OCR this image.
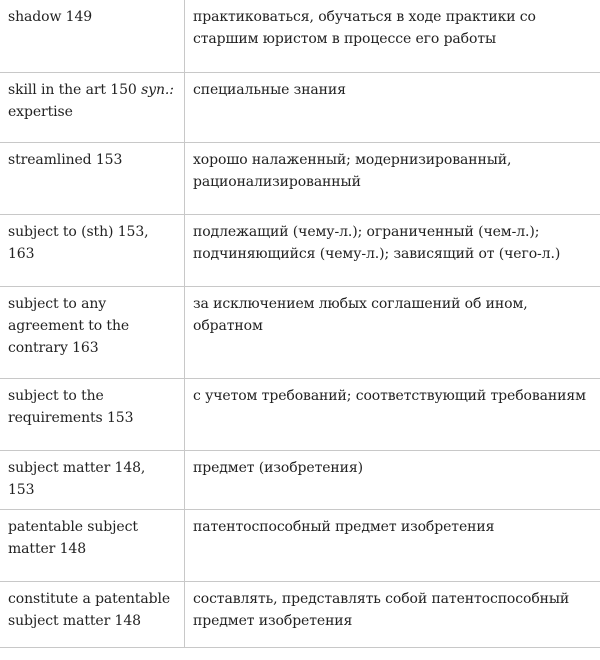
shadow 149	практиковаться, обучаться в ходе практики со старшим юристом в процессе его работы
skill in the art 150 syn.: expertise	специальные знания
streamlined 153	хорошо налаженный; модернизированный, рационализированный
subject to (sth) 153, 163	подлежащий (чему-л.); ограниченный (чем-л.); подчиняющийся (чему-л.); зависящий от (чего-л.)
subject to any agreement to the contrary 163	за исключением любых соглашений об ином, обратном
subject to the requirements 153	с учетом требований; соответствующий требованиям
subject matter 148, 153	предмет (изобретения)
patentable subject matter 148	патентоспособный предмет изобретения
constitute a patentable subject matter 148	составлять, представлять собой патентоспособный предмет изобретения
